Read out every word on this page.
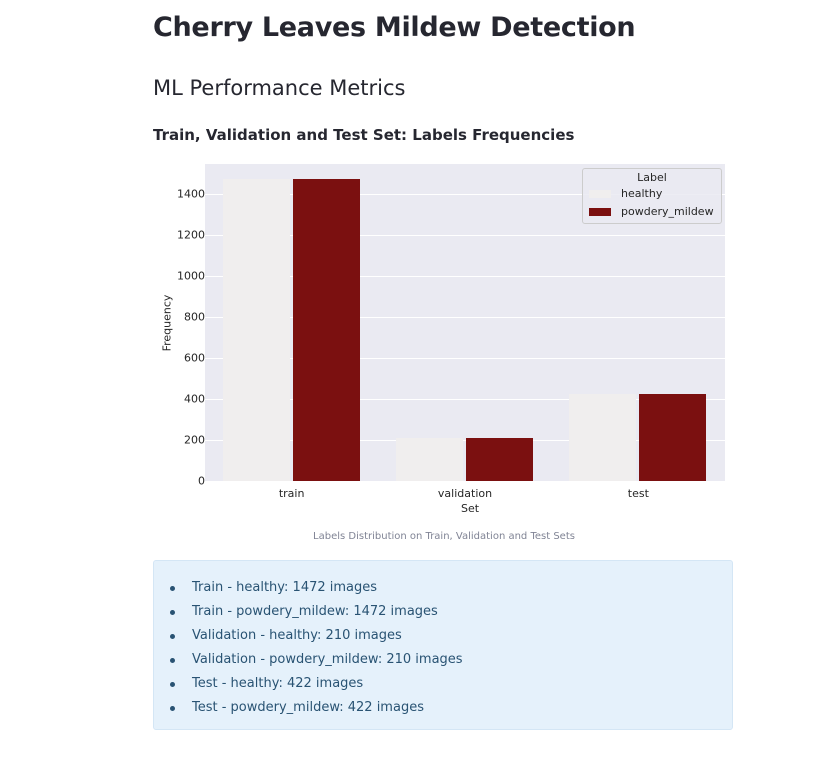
Cherry Leaves Mildew Detection
ML Performance Metrics
Train, Validation and Test Set: Labels Frequencies
Frequency
0
200
400
600
800
1000
1200
1400
train	validation	test
Set
Label
healthy
powdery_mildew
Labels Distribution on Train, Validation and Test Sets
Train - healthy: 1472 images
Train - powdery_mildew: 1472 images
Validation - healthy: 210 images
Validation - powdery_mildew: 210 images
Test - healthy: 422 images
Test - powdery_mildew: 422 images
